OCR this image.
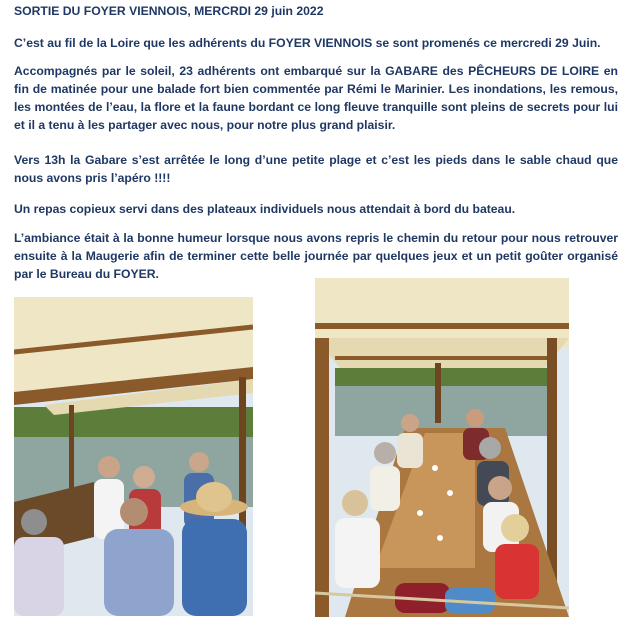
SORTIE DU FOYER VIENNOIS, MERCRDI 29 juin 2022

C’est au fil de la Loire que les adhérents du FOYER VIENNOIS se sont promenés ce mercredi 29 Juin.

Accompagnés par le soleil, 23 adhérents ont embarqué sur la GABARE des PÊCHEURS DE LOIRE en fin de matinée pour une balade fort bien commentée par Rémi le Marinier. Les inondations, les remous, les montées de l’eau, la flore et la faune bordant ce long fleuve tranquille sont pleins de secrets pour lui et il a tenu à les partager avec nous, pour notre plus grand plaisir.

Vers 13h la Gabare s’est arrêtée le long d’une petite plage et c’est les pieds dans le sable chaud que nous avons pris l’apéro !!!!

Un repas copieux servi dans des plateaux individuels nous attendait à bord du bateau.

L’ambiance était à la bonne humeur lorsque nous avons repris le chemin du retour pour nous retrouver ensuite à la Maugerie afin de terminer cette belle journée par quelques jeux et un petit goûter organisé par le Bureau du FOYER.
